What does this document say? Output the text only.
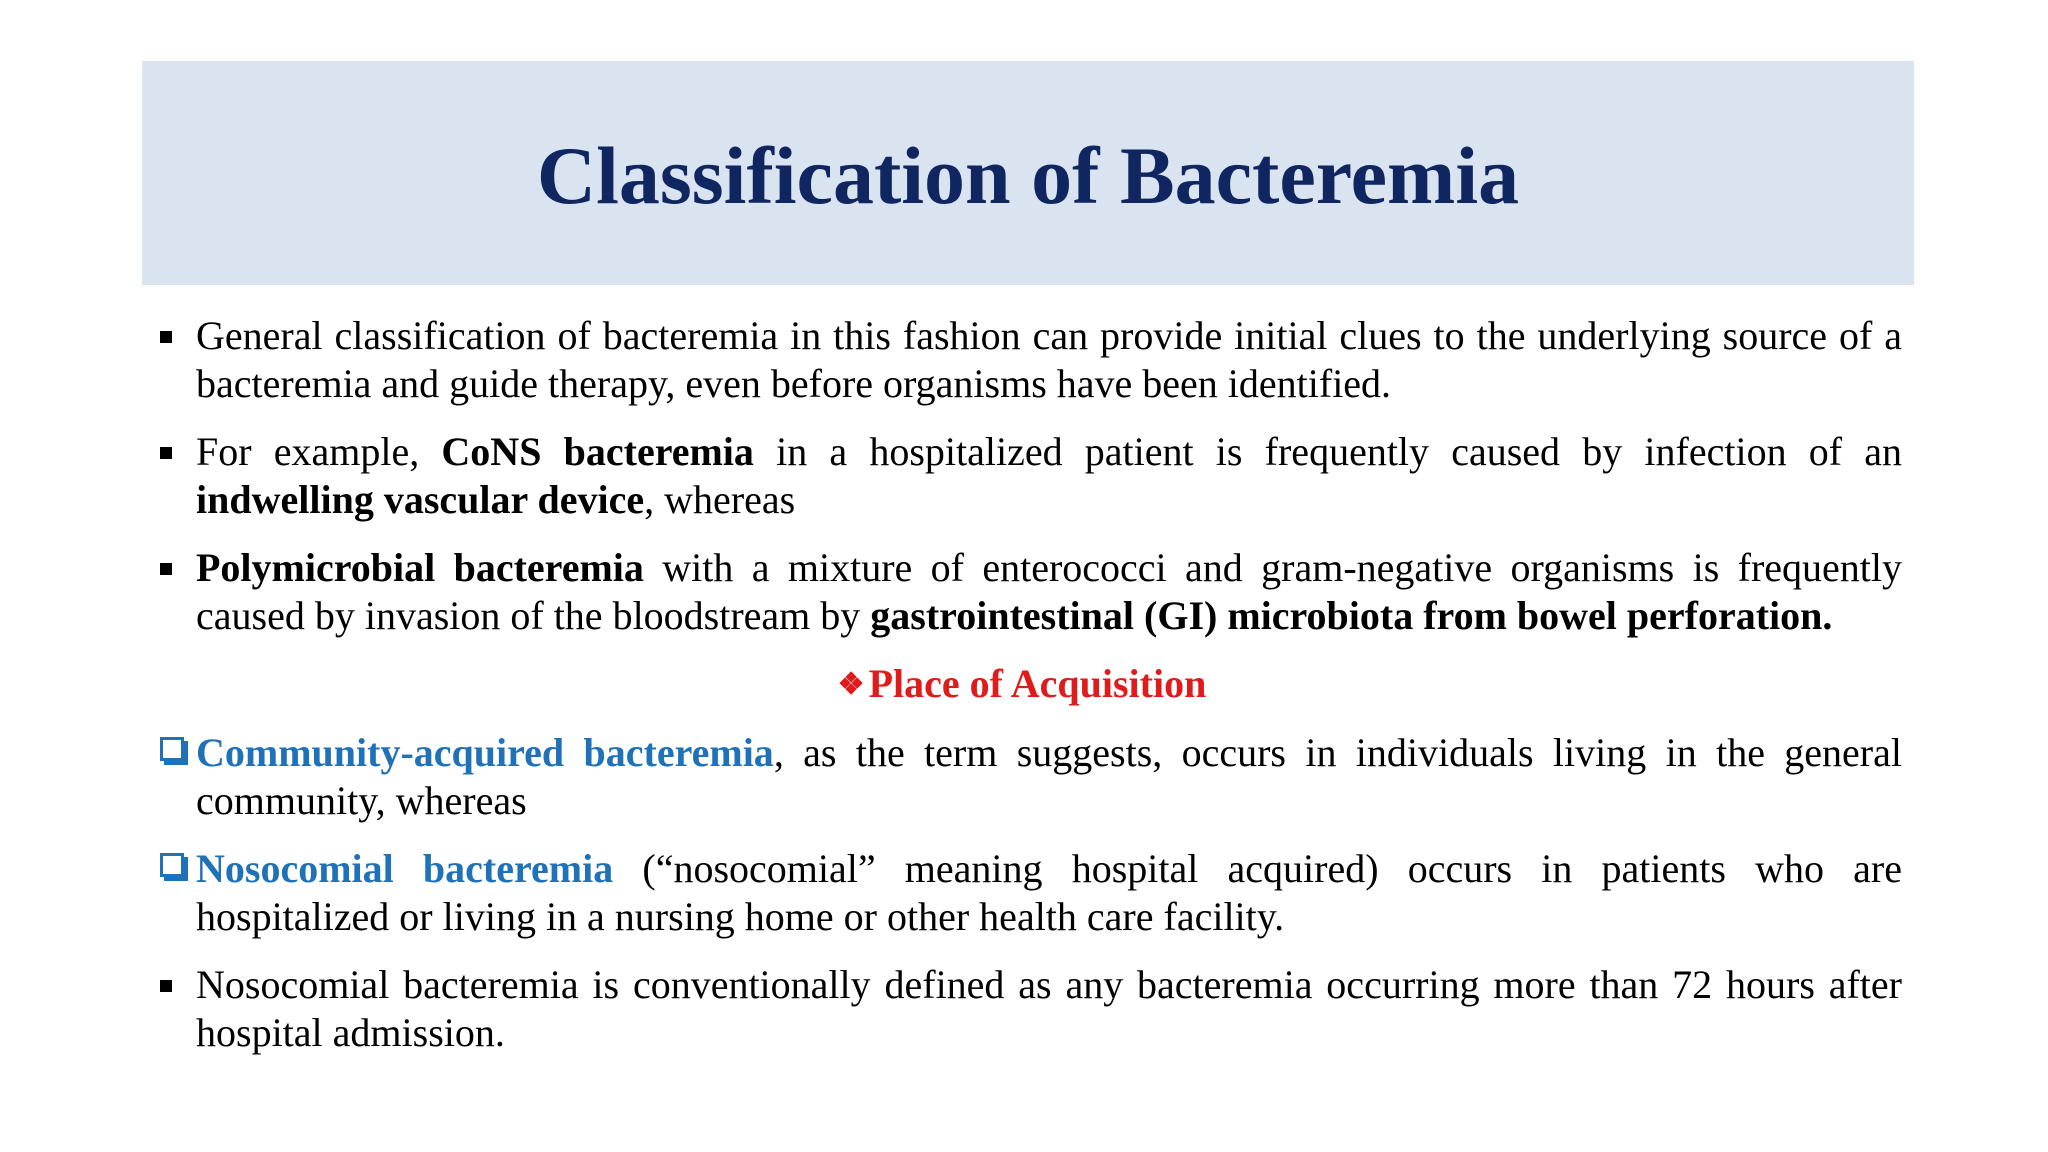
Classification of Bacteremia
General classification of bacteremia in this fashion can provide initial clues to the underlying source of a bacteremia and guide therapy, even before organisms have been identified.
For example, CoNS bacteremia in a hospitalized patient is frequently caused by infection of an indwelling vascular device, whereas
Polymicrobial bacteremia with a mixture of enterococci and gram-negative organisms is frequently caused by invasion of the bloodstream by gastrointestinal (GI) microbiota from bowel perforation.
❖ Place of Acquisition
Community-acquired bacteremia, as the term suggests, occurs in individuals living in the general community, whereas
Nosocomial bacteremia (“nosocomial” meaning hospital acquired) occurs in patients who are hospitalized or living in a nursing home or other health care facility.
Nosocomial bacteremia is conventionally defined as any bacteremia occurring more than 72 hours after hospital admission.
